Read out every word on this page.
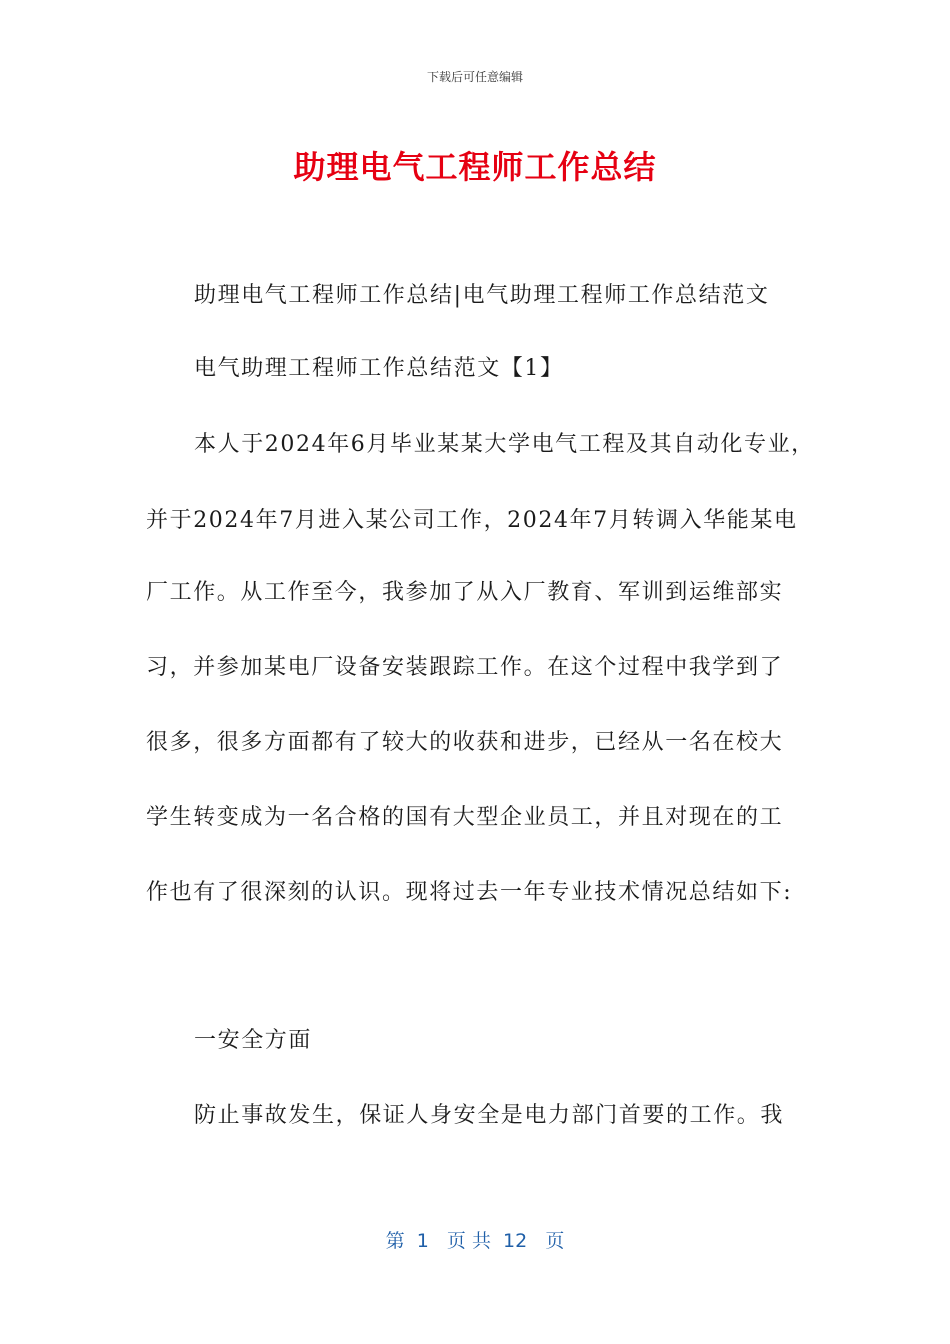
下载后可任意编辑
助理电气工程师工作总结
助理电气工程师工作总结|电气助理工程师工作总结范文
电气助理工程师工作总结范文【1】
本人于2024年6月毕业某某大学电气工程及其自动化专业，
并于2024年7月进入某公司工作，2024年7月转调入华能某电
厂工作。从工作至今，我参加了从入厂教育、军训到运维部实
习，并参加某电厂设备安装跟踪工作。在这个过程中我学到了
很多，很多方面都有了较大的收获和进步，已经从一名在校大
学生转变成为一名合格的国有大型企业员工，并且对现在的工
作也有了很深刻的认识。现将过去一年专业技术情况总结如下:
一安全方面
防止事故发生，保证人身安全是电力部门首要的工作。我
第  1   页 共  12   页
